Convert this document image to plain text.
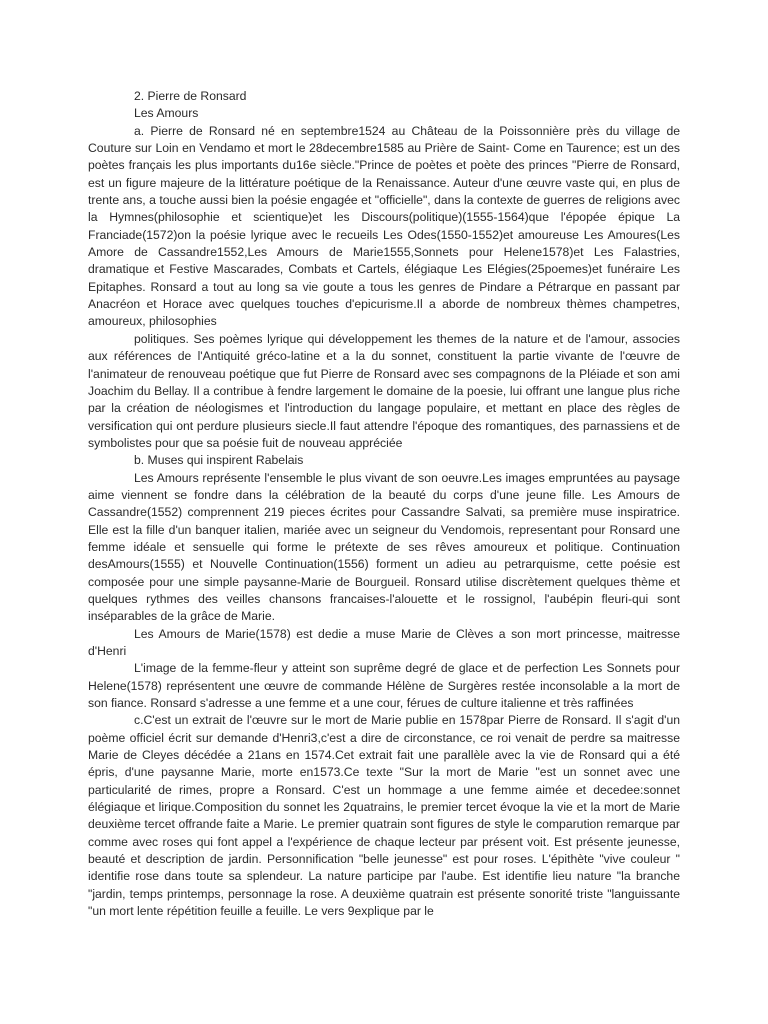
2. Pierre de Ronsard

Les Amours

a. Pierre de Ronsard né en septembre1524 au Château de la Poissonnière près du village de Couture sur Loin en Vendamo et mort le 28decembre1585 au Prière de Saint- Come en Taurence; est un des poètes français les plus importants du16e siècle."Prince de poètes et poète des princes "Pierre de Ronsard, est un figure majeure de la littérature poétique de la Renaissance. Auteur d'une œuvre vaste qui, en plus de trente ans, a touche aussi bien la poésie engagée et "officielle", dans la contexte de guerres de religions avec la Hymnes(philosophie et scientique)et les Discours(politique)(1555-1564)que l'épopée épique La Franciade(1572)on la poésie lyrique avec le recueils Les Odes(1550-1552)et amoureuse Les Amoures(Les Amore de Cassandre1552,Les Amours de Marie1555,Sonnets pour Helene1578)et Les Falastries, dramatique et Festive Mascarades, Combats et Cartels, élégiaque Les Elégies(25poemes)et funéraire Les Epitaphes. Ronsard a tout au long sa vie goute a tous les genres de Pindare a Pétrarque en passant par Anacréon et Horace avec quelques touches d'epicurisme.Il a aborde de nombreux thèmes champetres, amoureux, philosophies

politiques. Ses poèmes lyrique qui développement les themes de la nature et de l'amour, associes aux références de l'Antiquité gréco-latine et a la du sonnet, constituent la partie vivante de l'œuvre de l'animateur de renouveau poétique que fut Pierre de Ronsard avec ses compagnons de la Pléiade et son ami Joachim du Bellay. Il a contribue à fendre largement le domaine de la poesie, lui offrant une langue plus riche par la création de néologismes et l'introduction du langage populaire, et mettant en place des règles de versification qui ont perdure plusieurs siecle.Il faut attendre l'époque des romantiques, des parnassiens et de symbolistes pour que sa poésie fuit de nouveau appréciée

b. Muses qui inspirent Rabelais

Les Amours représente l'ensemble le plus vivant de son oeuvre.Les images empruntées au paysage aime viennent se fondre dans la célébration de la beauté du corps d'une jeune fille. Les Amours de Cassandre(1552) comprennent 219 pieces écrites pour Cassandre Salvati, sa première muse inspiratrice. Elle est la fille d'un banquer italien, mariée avec un seigneur du Vendomois, representant pour Ronsard une femme idéale et sensuelle qui forme le prétexte de ses rêves amoureux et politique. Continuation desAmours(1555) et Nouvelle Continuation(1556) forment un adieu au petrarquisme, cette poésie est composée pour une simple paysanne-Marie de Bourgueil. Ronsard utilise discrètement quelques thème et quelques rythmes des veilles chansons francaises-l'alouette et le rossignol, l'aubépin fleuri-qui sont inséparables de la grâce de Marie.

Les Amours de Marie(1578) est dedie a muse Marie de Clèves a son mort princesse, maitresse d'Henri

L'image de la femme-fleur y atteint son suprême degré de glace et de perfection Les Sonnets pour Helene(1578) représentent une œuvre de commande Hélène de Surgères restée inconsolable a la mort de son fiance. Ronsard s'adresse a une femme et a une cour, férues de culture italienne et très raffinées

c.C'est un extrait de l'œuvre sur le mort de Marie publie en 1578par Pierre de Ronsard. Il s'agit d'un poème officiel écrit sur demande d'Henri3,c'est a dire de circonstance, ce roi venait de perdre sa maitresse Marie de Cleyes décédée a 21ans en 1574.Cet extrait fait une parallèle avec la vie de Ronsard qui a été épris, d'une paysanne Marie, morte en1573.Ce texte "Sur la mort de Marie "est un sonnet avec une particularité de rimes, propre a Ronsard. C'est un hommage a une femme aimée et decedee:sonnet élégiaque et lirique.Composition du sonnet les 2quatrains, le premier tercet évoque la vie et la mort de Marie deuxième tercet offrande faite a Marie. Le premier quatrain sont figures de style le comparution remarque par comme avec roses qui font appel a l'expérience de chaque lecteur par présent voit. Est présente jeunesse, beauté et description de jardin. Personnification "belle jeunesse" est pour roses. L'épithète "vive couleur " identifie rose dans toute sa splendeur. La nature participe par l'aube. Est identifie lieu nature "la branche "jardin, temps printemps, personnage la rose. A deuxième quatrain est présente sonorité triste "languissante "un mort lente répétition feuille a feuille. Le vers 9explique par le
